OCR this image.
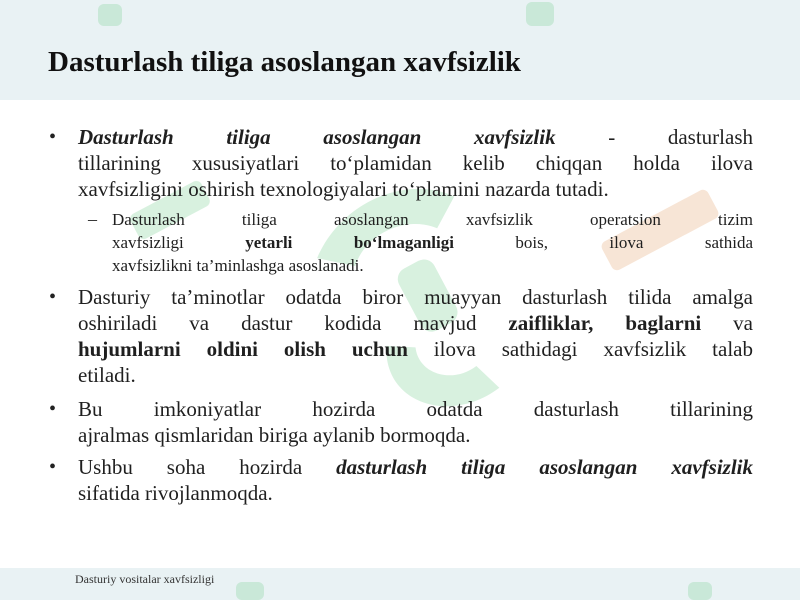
Dasturlash tiliga asoslangan xavfsizlik
• Dasturlash tiliga asoslangan xavfsizlik - dasturlash
tillarining xususiyatlari to‘plamidan kelib chiqqan holda ilova
xavfsizligini oshirish texnologiyalari to‘plamini nazarda tutadi.
– Dasturlash tiliga asoslangan xavfsizlik operatsion tizim
xavfsizligi yetarli bo‘lmaganligi bois, ilova sathida
xavfsizlikni ta’minlashga asoslanadi.
• Dasturiy ta’minotlar odatda biror muayyan dasturlash tilida amalga
oshiriladi va dastur kodida mavjud zaifliklar, baglarni va
hujumlarni oldini olish uchun ilova sathidagi xavfsizlik talab
etiladi.
• Bu imkoniyatlar hozirda odatda dasturlash tillarining
ajralmas qismlaridan biriga aylanib bormoqda.
• Ushbu soha hozirda dasturlash tiliga asoslangan xavfsizlik
sifatida rivojlanmoqda.
Dasturiy vositalar xavfsizligi
